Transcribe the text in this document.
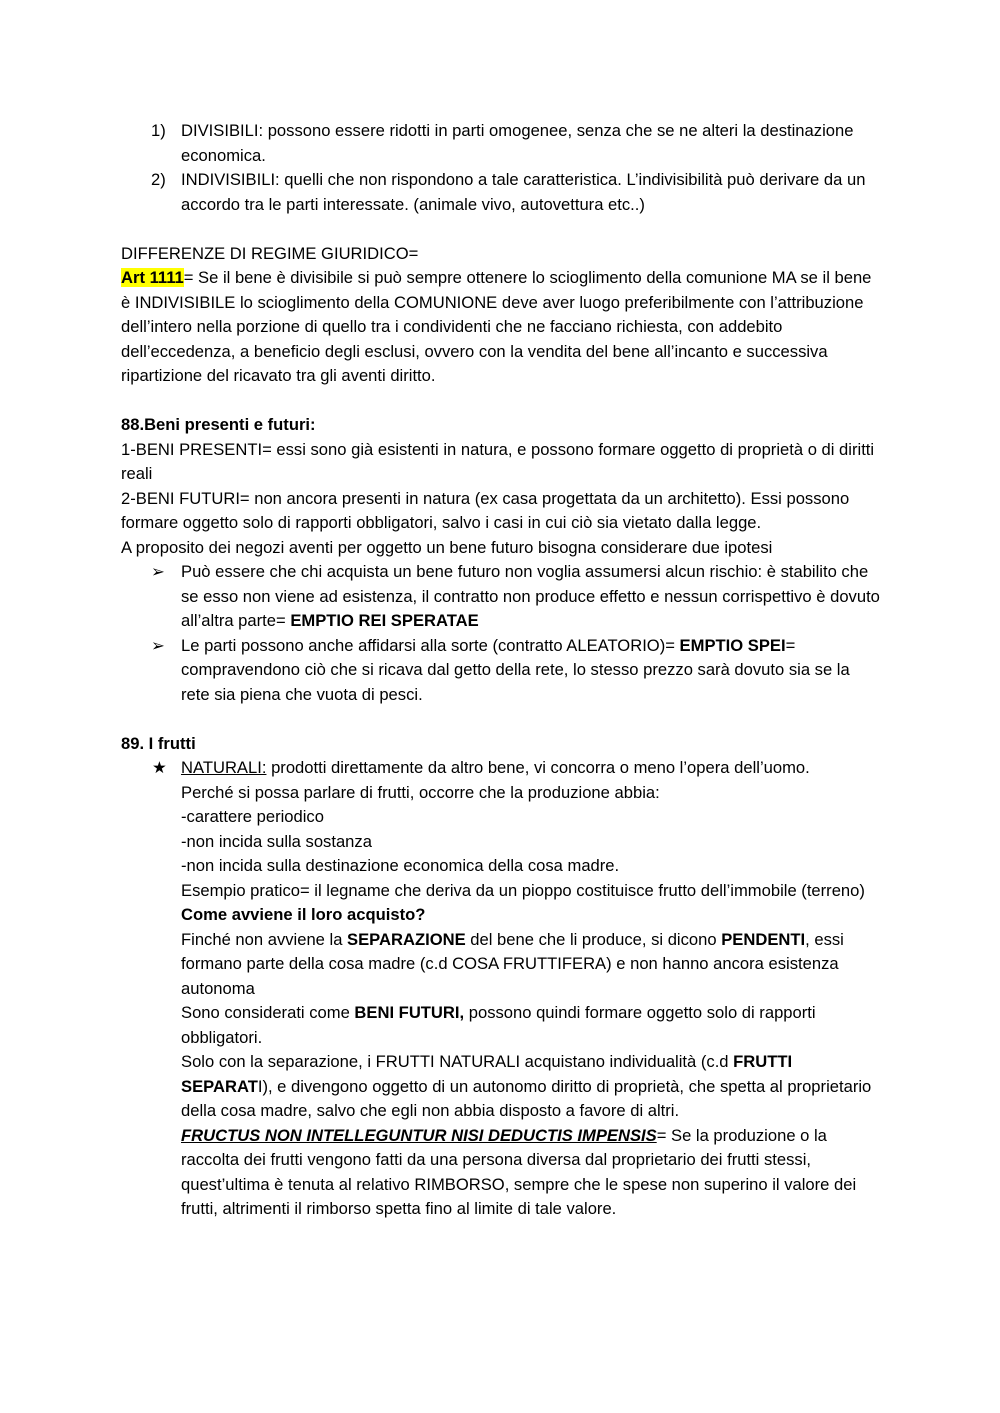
1) DIVISIBILI: possono essere ridotti in parti omogenee, senza che se ne alteri la destinazione economica.

2) INDIVISIBILI: quelli che non rispondono a tale caratteristica. L’indivisibilità può derivare da un accordo tra le parti interessate. (animale vivo, autovettura etc..)

DIFFERENZE DI REGIME GIURIDICO=

Art 1111= Se il bene è divisibile si può sempre ottenere lo scioglimento della comunione MA se il bene è INDIVISIBILE lo scioglimento della COMUNIONE deve aver luogo preferibilmente con l’attribuzione dell’intero nella porzione di quello tra i condividenti che ne facciano richiesta, con addebito dell’eccedenza, a beneficio degli esclusi, ovvero con la vendita del bene all’incanto e successiva ripartizione del ricavato tra gli aventi diritto.

88.Beni presenti e futuri:

1-BENI PRESENTI= essi sono già esistenti in natura, e possono formare oggetto di proprietà o di diritti reali

2-BENI FUTURI= non ancora presenti in natura (ex casa progettata da un architetto). Essi possono formare oggetto solo di rapporti obbligatori, salvo i casi in cui ciò sia vietato dalla legge.

A proposito dei negozi aventi per oggetto un bene futuro bisogna considerare due ipotesi

➢ Può essere che chi acquista un bene futuro non voglia assumersi alcun rischio: è stabilito che se esso non viene ad esistenza, il contratto non produce effetto e nessun corrispettivo è dovuto all’altra parte= EMPTIO REI SPERATAE

➢ Le parti possono anche affidarsi alla sorte (contratto ALEATORIO)= EMPTIO SPEI= compravendono ciò che si ricava dal getto della rete, lo stesso prezzo sarà dovuto sia se la rete sia piena che vuota di pesci.

89. I frutti

★ NATURALI: prodotti direttamente da altro bene, vi concorra o meno l’opera dell’uomo.

Perché si possa parlare di frutti, occorre che la produzione abbia:

-carattere periodico

-non incida sulla sostanza

-non incida sulla destinazione economica della cosa madre.

Esempio pratico= il legname che deriva da un pioppo costituisce frutto dell’immobile (terreno)

Come avviene il loro acquisto?

Finché non avviene la SEPARAZIONE del bene che li produce, si dicono PENDENTI, essi formano parte della cosa madre (c.d COSA FRUTTIFERA) e non hanno ancora esistenza autonoma

Sono considerati come BENI FUTURI, possono quindi formare oggetto solo di rapporti obbligatori.

Solo con la separazione, i FRUTTI NATURALI acquistano individualità (c.d FRUTTI SEPARATI), e divengono oggetto di un autonomo diritto di proprietà, che spetta al proprietario della cosa madre, salvo che egli non abbia disposto a favore di altri.

FRUCTUS NON INTELLEGUNTUR NISI DEDUCTIS IMPENSIS= Se la produzione o la raccolta dei frutti vengono fatti da una persona diversa dal proprietario dei frutti stessi, quest’ultima è tenuta al relativo RIMBORSO, sempre che le spese non superino il valore dei frutti, altrimenti il rimborso spetta fino al limite di tale valore.
